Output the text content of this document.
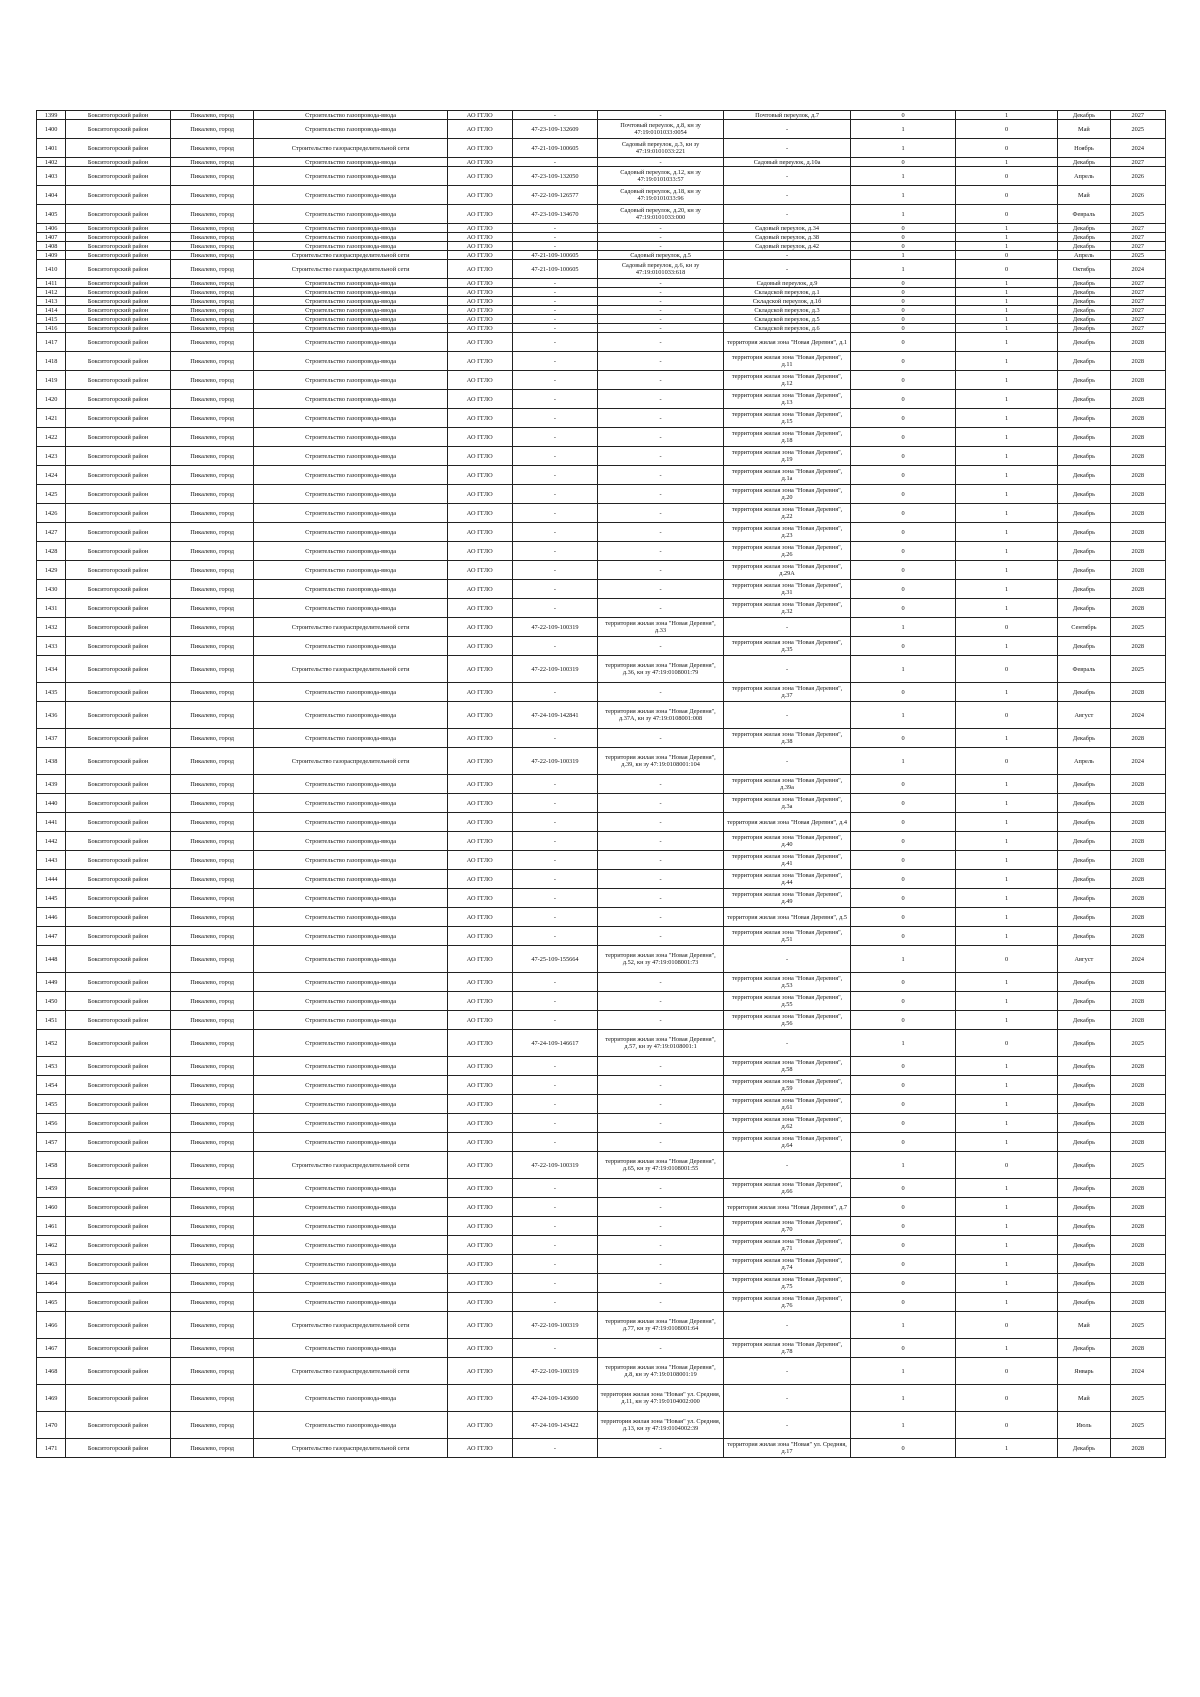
1399	Бокситогорский район	Пикалево, город	Строительство газопровода-ввода	АО ГГЛО	-	-	Почтовый переулок, д.7	0	1	Декабрь	2027
1400	Бокситогорский район	Пикалево, город	Строительство газопровода-ввода	АО ГГЛО	47-23-109-132609	Почтовый переулок, д.8, кн зу 47:19:0101033:0054	-	1	0	Май	2025
1401	Бокситогорский район	Пикалево, город	Строительство газораспределительной сети	АО ГГЛО	47-21-109-100605	Садовый переулок, д.3, кн зу 47:19:0101033:221	-	1	0	Ноябрь	2024
1402	Бокситогорский район	Пикалево, город	Строительство газопровода-ввода	АО ГГЛО	-	-	Садовый переулок, д.10а	0	1	Декабрь	2027
1403	Бокситогорский район	Пикалево, город	Строительство газопровода-ввода	АО ГГЛО	47-23-109-132050	Садовый переулок, д.12, кн зу 47:19:0101033:57	-	1	0	Апрель	2026
1404	Бокситогорский район	Пикалево, город	Строительство газопровода-ввода	АО ГГЛО	47-22-109-126577	Садовый переулок, д.18, кн зу 47:19:0101033:96	-	1	0	Май	2026
1405	Бокситогорский район	Пикалево, город	Строительство газопровода-ввода	АО ГГЛО	47-23-109-134670	Садовый переулок, д.20, кн зу 47:19:0101033:000	-	1	0	Февраль	2025
1406	Бокситогорский район	Пикалево, город	Строительство газопровода-ввода	АО ГГЛО	-	-	Садовый переулок, д.34	0	1	Декабрь	2027
1407	Бокситогорский район	Пикалево, город	Строительство газопровода-ввода	АО ГГЛО	-	-	Садовый переулок, д.38	0	1	Декабрь	2027
1408	Бокситогорский район	Пикалево, город	Строительство газопровода-ввода	АО ГГЛО	-	-	Садовый переулок, д.42	0	1	Декабрь	2027
1409	Бокситогорский район	Пикалево, город	Строительство газораспределительной сети	АО ГГЛО	47-21-109-100605	Садовый переулок, д.5	-	1	0	Апрель	2025
1410	Бокситогорский район	Пикалево, город	Строительство газораспределительной сети	АО ГГЛО	47-21-109-100605	Садовый переулок, д.6, кн зу 47:19:0101033:618	-	1	0	Октябрь	2024
1411	Бокситогорский район	Пикалево, город	Строительство газопровода-ввода	АО ГГЛО	-	-	Садовый переулок, д.9	0	1	Декабрь	2027
1412	Бокситогорский район	Пикалево, город	Строительство газопровода-ввода	АО ГГЛО	-	-	Складской переулок, д.1	0	1	Декабрь	2027
1413	Бокситогорский район	Пикалево, город	Строительство газопровода-ввода	АО ГГЛО	-	-	Складской переулок, д.1б	0	1	Декабрь	2027
1414	Бокситогорский район	Пикалево, город	Строительство газопровода-ввода	АО ГГЛО	-	-	Складской переулок, д.3	0	1	Декабрь	2027
1415	Бокситогорский район	Пикалево, город	Строительство газопровода-ввода	АО ГГЛО	-	-	Складской переулок, д.5	0	1	Декабрь	2027
1416	Бокситогорский район	Пикалево, город	Строительство газопровода-ввода	АО ГГЛО	-	-	Складской переулок, д.6	0	1	Декабрь	2027
1417	Бокситогорский район	Пикалево, город	Строительство газопровода-ввода	АО ГГЛО	-	-	территория жилая зона "Новая Деревня", д.1	0	1	Декабрь	2028
1418	Бокситогорский район	Пикалево, город	Строительство газопровода-ввода	АО ГГЛО	-	-	территория жилая зона "Новая Деревня", д.11	0	1	Декабрь	2028
1419	Бокситогорский район	Пикалево, город	Строительство газопровода-ввода	АО ГГЛО	-	-	территория жилая зона "Новая Деревня", д.12	0	1	Декабрь	2028
1420	Бокситогорский район	Пикалево, город	Строительство газопровода-ввода	АО ГГЛО	-	-	территория жилая зона "Новая Деревня", д.13	0	1	Декабрь	2028
1421	Бокситогорский район	Пикалево, город	Строительство газопровода-ввода	АО ГГЛО	-	-	территория жилая зона "Новая Деревня", д.15	0	1	Декабрь	2028
1422	Бокситогорский район	Пикалево, город	Строительство газопровода-ввода	АО ГГЛО	-	-	территория жилая зона "Новая Деревня", д.18	0	1	Декабрь	2028
1423	Бокситогорский район	Пикалево, город	Строительство газопровода-ввода	АО ГГЛО	-	-	территория жилая зона "Новая Деревня", д.19	0	1	Декабрь	2028
1424	Бокситогорский район	Пикалево, город	Строительство газопровода-ввода	АО ГГЛО	-	-	территория жилая зона "Новая Деревня", д.1а	0	1	Декабрь	2028
1425	Бокситогорский район	Пикалево, город	Строительство газопровода-ввода	АО ГГЛО	-	-	территория жилая зона "Новая Деревня", д.20	0	1	Декабрь	2028
1426	Бокситогорский район	Пикалево, город	Строительство газопровода-ввода	АО ГГЛО	-	-	территория жилая зона "Новая Деревня", д.22	0	1	Декабрь	2028
1427	Бокситогорский район	Пикалево, город	Строительство газопровода-ввода	АО ГГЛО	-	-	территория жилая зона "Новая Деревня", д.23	0	1	Декабрь	2028
1428	Бокситогорский район	Пикалево, город	Строительство газопровода-ввода	АО ГГЛО	-	-	территория жилая зона "Новая Деревня", д.26	0	1	Декабрь	2028
1429	Бокситогорский район	Пикалево, город	Строительство газопровода-ввода	АО ГГЛО	-	-	территория жилая зона "Новая Деревня", д.29А	0	1	Декабрь	2028
1430	Бокситогорский район	Пикалево, город	Строительство газопровода-ввода	АО ГГЛО	-	-	территория жилая зона "Новая Деревня", д.31	0	1	Декабрь	2028
1431	Бокситогорский район	Пикалево, город	Строительство газопровода-ввода	АО ГГЛО	-	-	территория жилая зона "Новая Деревня", д.32	0	1	Декабрь	2028
1432	Бокситогорский район	Пикалево, город	Строительство газораспределительной сети	АО ГГЛО	47-22-109-100319	территория жилая зона "Новая Деревня", д.33	-	1	0	Сентябрь	2025
1433	Бокситогорский район	Пикалево, город	Строительство газопровода-ввода	АО ГГЛО	-	-	территория жилая зона "Новая Деревня", д.35	0	1	Декабрь	2028
1434	Бокситогорский район	Пикалево, город	Строительство газораспределительной сети	АО ГГЛО	47-22-109-100319	территория жилая зона "Новая Деревня", д.36, кн зу 47:19:0108001:79	-	1	0	Февраль	2025
1435	Бокситогорский район	Пикалево, город	Строительство газопровода-ввода	АО ГГЛО	-	-	территория жилая зона "Новая Деревня", д.37	0	1	Декабрь	2028
1436	Бокситогорский район	Пикалево, город	Строительство газопровода-ввода	АО ГГЛО	47-24-109-142841	территория жилая зона "Новая Деревня", д.37А, кн зу 47:19:0108001:008	-	1	0	Август	2024
1437	Бокситогорский район	Пикалево, город	Строительство газопровода-ввода	АО ГГЛО	-	-	территория жилая зона "Новая Деревня", д.38	0	1	Декабрь	2028
1438	Бокситогорский район	Пикалево, город	Строительство газораспределительной сети	АО ГГЛО	47-22-109-100319	территория жилая зона "Новая Деревня", д.39, кн зу 47:19:0108001:104	-	1	0	Апрель	2024
1439	Бокситогорский район	Пикалево, город	Строительство газопровода-ввода	АО ГГЛО	-	-	территория жилая зона "Новая Деревня", д.39а	0	1	Декабрь	2028
1440	Бокситогорский район	Пикалево, город	Строительство газопровода-ввода	АО ГГЛО	-	-	территория жилая зона "Новая Деревня", д.3а	0	1	Декабрь	2028
1441	Бокситогорский район	Пикалево, город	Строительство газопровода-ввода	АО ГГЛО	-	-	территория жилая зона "Новая Деревня", д.4	0	1	Декабрь	2028
1442	Бокситогорский район	Пикалево, город	Строительство газопровода-ввода	АО ГГЛО	-	-	территория жилая зона "Новая Деревня", д.40	0	1	Декабрь	2028
1443	Бокситогорский район	Пикалево, город	Строительство газопровода-ввода	АО ГГЛО	-	-	территория жилая зона "Новая Деревня", д.41	0	1	Декабрь	2028
1444	Бокситогорский район	Пикалево, город	Строительство газопровода-ввода	АО ГГЛО	-	-	территория жилая зона "Новая Деревня", д.44	0	1	Декабрь	2028
1445	Бокситогорский район	Пикалево, город	Строительство газопровода-ввода	АО ГГЛО	-	-	территория жилая зона "Новая Деревня", д.49	0	1	Декабрь	2028
1446	Бокситогорский район	Пикалево, город	Строительство газопровода-ввода	АО ГГЛО	-	-	территория жилая зона "Новая Деревня", д.5	0	1	Декабрь	2028
1447	Бокситогорский район	Пикалево, город	Строительство газопровода-ввода	АО ГГЛО	-	-	территория жилая зона "Новая Деревня", д.51	0	1	Декабрь	2028
1448	Бокситогорский район	Пикалево, город	Строительство газопровода-ввода	АО ГГЛО	47-25-109-155664	территория жилая зона "Новая Деревня", д.52, кн зу 47:19:0108001:73	-	1	0	Август	2024
1449	Бокситогорский район	Пикалево, город	Строительство газопровода-ввода	АО ГГЛО	-	-	территория жилая зона "Новая Деревня", д.53	0	1	Декабрь	2028
1450	Бокситогорский район	Пикалево, город	Строительство газопровода-ввода	АО ГГЛО	-	-	территория жилая зона "Новая Деревня", д.55	0	1	Декабрь	2028
1451	Бокситогорский район	Пикалево, город	Строительство газопровода-ввода	АО ГГЛО	-	-	территория жилая зона "Новая Деревня", д.56	0	1	Декабрь	2028
1452	Бокситогорский район	Пикалево, город	Строительство газопровода-ввода	АО ГГЛО	47-24-109-146617	территория жилая зона "Новая Деревня", д.57, кн зу 47:19:0108001:1	-	1	0	Декабрь	2025
1453	Бокситогорский район	Пикалево, город	Строительство газопровода-ввода	АО ГГЛО	-	-	территория жилая зона "Новая Деревня", д.58	0	1	Декабрь	2028
1454	Бокситогорский район	Пикалево, город	Строительство газопровода-ввода	АО ГГЛО	-	-	территория жилая зона "Новая Деревня", д.59	0	1	Декабрь	2028
1455	Бокситогорский район	Пикалево, город	Строительство газопровода-ввода	АО ГГЛО	-	-	территория жилая зона "Новая Деревня", д.61	0	1	Декабрь	2028
1456	Бокситогорский район	Пикалево, город	Строительство газопровода-ввода	АО ГГЛО	-	-	территория жилая зона "Новая Деревня", д.62	0	1	Декабрь	2028
1457	Бокситогорский район	Пикалево, город	Строительство газопровода-ввода	АО ГГЛО	-	-	территория жилая зона "Новая Деревня", д.64	0	1	Декабрь	2028
1458	Бокситогорский район	Пикалево, город	Строительство газораспределительной сети	АО ГГЛО	47-22-109-100319	территория жилая зона "Новая Деревня", д.65, кн зу 47:19:0108001:55	-	1	0	Декабрь	2025
1459	Бокситогорский район	Пикалево, город	Строительство газопровода-ввода	АО ГГЛО	-	-	территория жилая зона "Новая Деревня", д.66	0	1	Декабрь	2028
1460	Бокситогорский район	Пикалево, город	Строительство газопровода-ввода	АО ГГЛО	-	-	территория жилая зона "Новая Деревня", д.7	0	1	Декабрь	2028
1461	Бокситогорский район	Пикалево, город	Строительство газопровода-ввода	АО ГГЛО	-	-	территория жилая зона "Новая Деревня", д.70	0	1	Декабрь	2028
1462	Бокситогорский район	Пикалево, город	Строительство газопровода-ввода	АО ГГЛО	-	-	территория жилая зона "Новая Деревня", д.71	0	1	Декабрь	2028
1463	Бокситогорский район	Пикалево, город	Строительство газопровода-ввода	АО ГГЛО	-	-	территория жилая зона "Новая Деревня", д.74	0	1	Декабрь	2028
1464	Бокситогорский район	Пикалево, город	Строительство газопровода-ввода	АО ГГЛО	-	-	территория жилая зона "Новая Деревня", д.75	0	1	Декабрь	2028
1465	Бокситогорский район	Пикалево, город	Строительство газопровода-ввода	АО ГГЛО	-	-	территория жилая зона "Новая Деревня", д.76	0	1	Декабрь	2028
1466	Бокситогорский район	Пикалево, город	Строительство газораспределительной сети	АО ГГЛО	47-22-109-100319	территория жилая зона "Новая Деревня", д.77, кн зу 47:19:0108001:64	-	1	0	Май	2025
1467	Бокситогорский район	Пикалево, город	Строительство газопровода-ввода	АО ГГЛО	-	-	территория жилая зона "Новая Деревня", д.78	0	1	Декабрь	2028
1468	Бокситогорский район	Пикалево, город	Строительство газораспределительной сети	АО ГГЛО	47-22-109-100319	территория жилая зона "Новая Деревня", д.8, кн зу 47:19:0108001:19	-	1	0	Январь	2024
1469	Бокситогорский район	Пикалево, город	Строительство газопровода-ввода	АО ГГЛО	47-24-109-143600	территория жилая зона "Новая" ул. Средняя, д.11, кн зу 47:19:0104002:000	-	1	0	Май	2025
1470	Бокситогорский район	Пикалево, город	Строительство газопровода-ввода	АО ГГЛО	47-24-109-143422	территория жилая зона "Новая" ул. Средняя, д.13, кн зу 47:19:0104002:39	-	1	0	Июль	2025
1471	Бокситогорский район	Пикалево, город	Строительство газораспределительной сети	АО ГГЛО	-	-	территория жилая зона "Новая" ул. Средняя, д.17	0	1	Декабрь	2028
